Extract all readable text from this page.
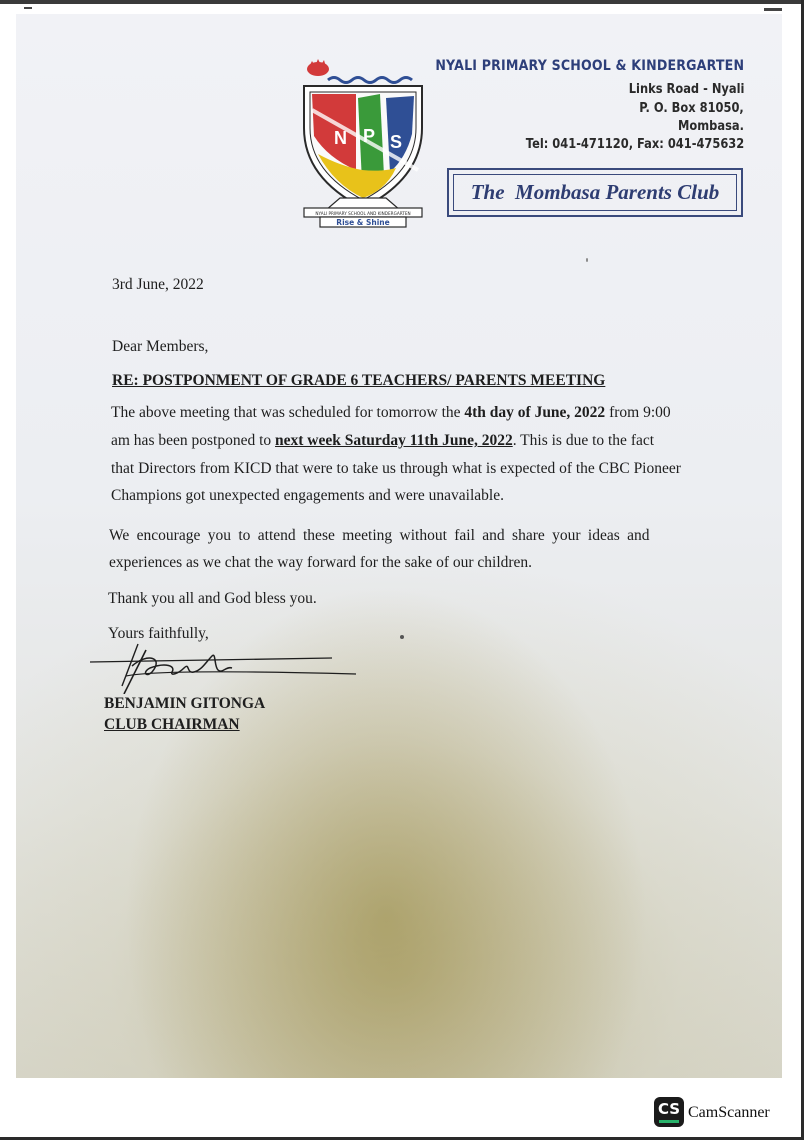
N P S
NYALI PRIMARY SCHOOL AND KINDERGARTEN
Rise & Shine
NYALI PRIMARY SCHOOL & KINDERGARTEN
Links Road - Nyali
P. O. Box 81050,
Mombasa.
Tel: 041-471120, Fax: 041-475632
The  Mombasa Parents Club
3rd June, 2022
Dear Members,
RE: POSTPONMENT OF GRADE 6 TEACHERS/ PARENTS MEETING
The above meeting that was scheduled for tomorrow the 4th day of June, 2022 from 9:00
am has been postponed to next week Saturday 11th June, 2022. This is due to the fact
that Directors from KICD that were to take us through what is expected of the CBC Pioneer
Champions got unexpected engagements and were unavailable.
We encourage you to attend these meeting without fail and share your ideas and
experiences as we chat the way forward for the sake of our children.
Thank you all and God bless you.
Yours faithfully,
BENJAMIN GITONGA
CLUB CHAIRMAN
CS CamScanner
